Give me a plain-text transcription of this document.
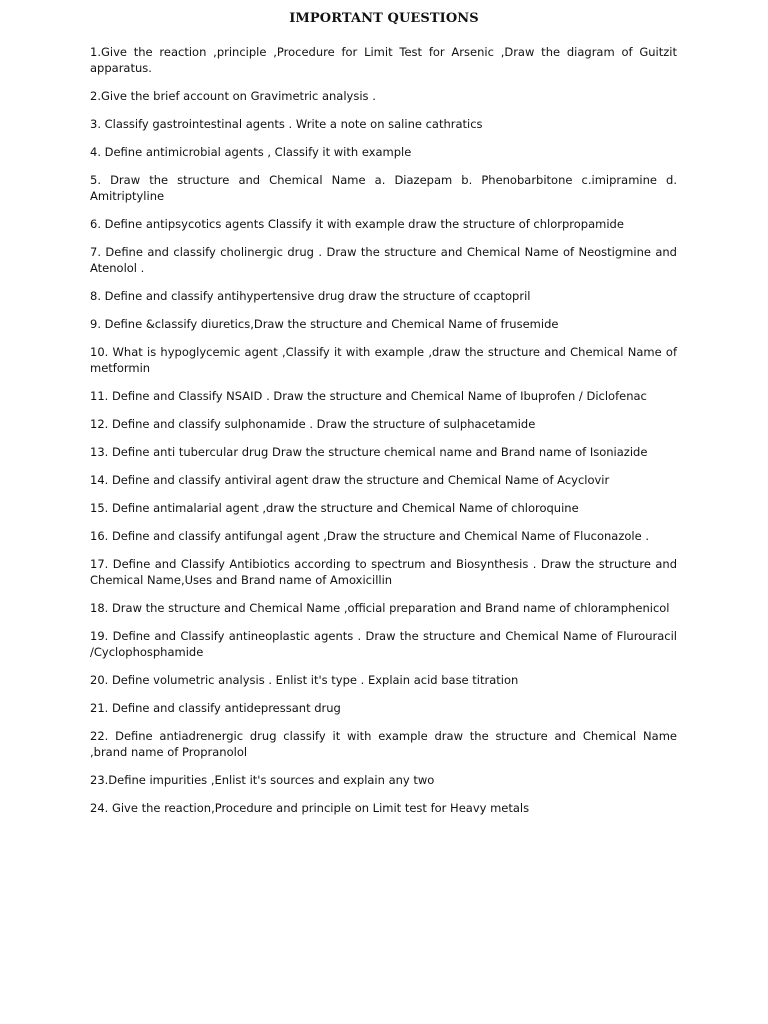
IMPORTANT QUESTIONS
1.Give the reaction ,principle ,Procedure for Limit Test for Arsenic ,Draw the diagram of Guitzit apparatus.
2.Give the brief account on Gravimetric analysis .
3. Classify gastrointestinal agents . Write a note on saline cathratics
4. Define antimicrobial agents , Classify it with example
5. Draw the structure and Chemical Name a. Diazepam b. Phenobarbitone c.imipramine d. Amitriptyline
6. Define antipsycotics agents Classify it with example draw the structure of chlorpropamide
7. Define and classify cholinergic drug . Draw the structure and Chemical Name of Neostigmine and Atenolol .
8. Define and classify antihypertensive drug draw the structure of ccaptopril
9. Define &classify diuretics,Draw the structure and Chemical Name of frusemide
10. What is hypoglycemic agent ,Classify it with example ,draw the structure and Chemical Name of metformin
11. Define and Classify NSAID . Draw the structure and Chemical Name of Ibuprofen / Diclofenac
12. Define and classify sulphonamide . Draw the structure of sulphacetamide
13. Define anti tubercular drug Draw the structure chemical name and Brand name of Isoniazide
14. Define and classify antiviral agent draw the structure and Chemical Name of Acyclovir
15. Define antimalarial agent ,draw the structure and Chemical Name of chloroquine
16. Define and classify antifungal agent ,Draw the structure and Chemical Name of Fluconazole .
17. Define and Classify Antibiotics according to spectrum and Biosynthesis . Draw the structure and Chemical Name,Uses and Brand name of Amoxicillin
18. Draw the structure and Chemical Name ,official preparation and Brand name of chloramphenicol
19. Define and Classify antineoplastic agents . Draw the structure and Chemical Name of Flurouracil /Cyclophosphamide
20. Define volumetric analysis . Enlist it's type . Explain acid base titration
21. Define and classify antidepressant drug
22. Define antiadrenergic drug classify it with example draw the structure and Chemical Name ,brand name of Propranolol
23.Define impurities ,Enlist it's sources and explain any two
24. Give the reaction,Procedure and principle on Limit test for Heavy metals
